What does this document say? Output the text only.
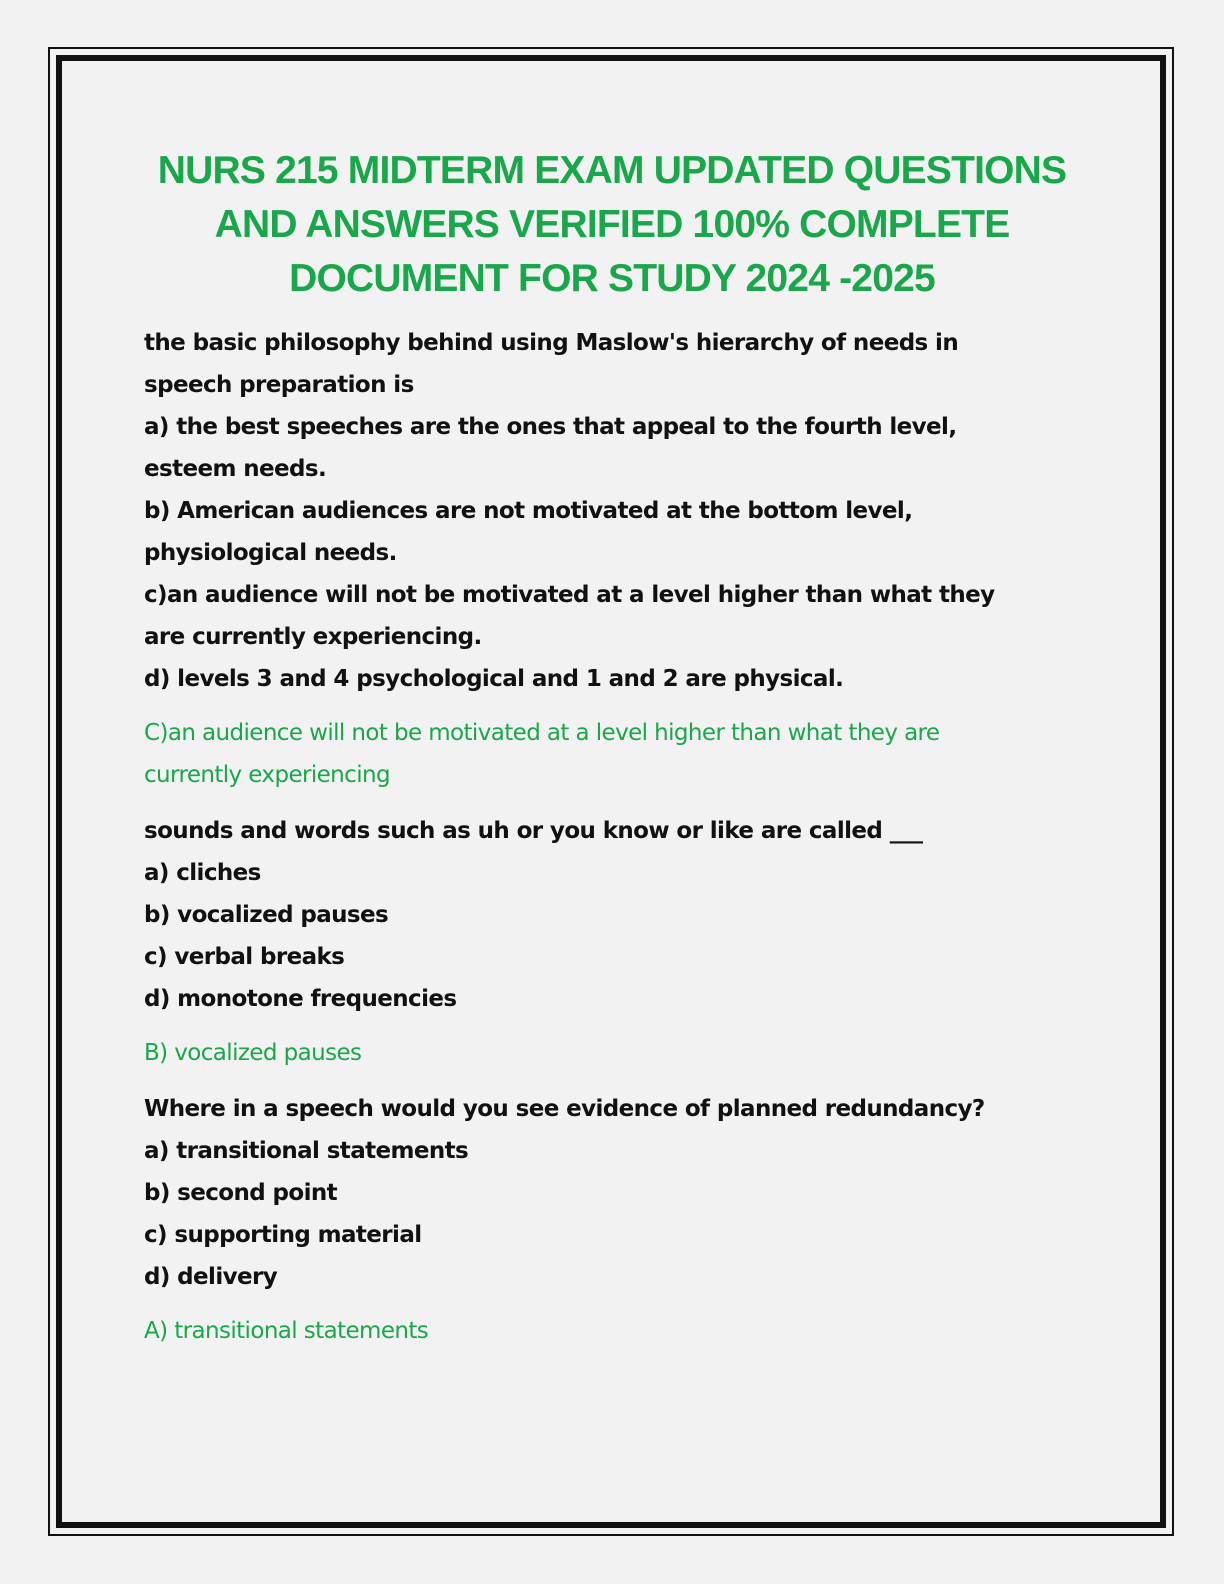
NURS 215 MIDTERM EXAM UPDATED QUESTIONS
AND ANSWERS VERIFIED 100% COMPLETE
DOCUMENT FOR STUDY 2024 -2025

the basic philosophy behind using Maslow's hierarchy of needs in
speech preparation is
a) the best speeches are the ones that appeal to the fourth level,
esteem needs.
b) American audiences are not motivated at the bottom level,
physiological needs.
c)an audience will not be motivated at a level higher than what they
are currently experiencing.
d) levels 3 and 4 psychological and 1 and 2 are physical.

C)an audience will not be motivated at a level higher than what they are
currently experiencing

sounds and words such as uh or you know or like are called ___
a) cliches
b) vocalized pauses
c) verbal breaks
d) monotone frequencies

B) vocalized pauses

Where in a speech would you see evidence of planned redundancy?
a) transitional statements
b) second point
c) supporting material
d) delivery

A) transitional statements
